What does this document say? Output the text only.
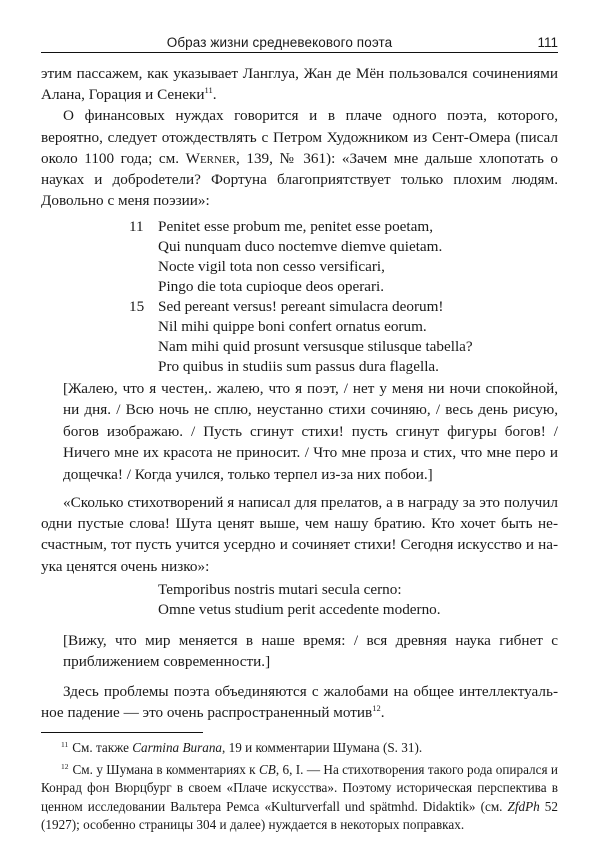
Образ жизни средневекового поэта	111

этим пассажем, как указывает Ланглуа, Жан де Мён пользовался сочинениями Алана, Горация и Сенеки$^{11}$.

О финансовых нуждах говорится и в плаче одного поэта, которого, вероятно, следует отождествлять с Петром Художником из Сент-Омера (писал около 1100 года; см. Werner, 139, № 361): «Зачем мне дальше хлопотать о науках и доброdетели? Фортуна благоприятствует только плохим людям. Довольно с меня поэзии»:

11 Penitet esse probum me, penitet esse poetam,
Qui nunquam duco noctemve diemve quietam.
Nocte vigil tota non cesso versificari,
Pingo die tota cupioque deos operari.
15 Sed pereant versus! pereant simulacra deorum!
Nil mihi quippe boni confert ornatus eorum.
Nam mihi quid prosunt versusque stilusque tabella?
Pro quibus in studiis sum passus dura flagella.
[Жалею, что я честен,. жалею, что я поэт, / нет у меня ни ночи спокойной, ни дня. / Всю ночь не сплю, неустанно стихи сочиняю, / весь день рисую, богов изображаю. / Пусть сгинут стихи! пусть сгинут фигуры богов! / Ничего мне их красота не приносит. / Что мне проза и стих, что мне перо и дощечка! / Когда учился, только терпел из-за них побои.]

«Сколько стихотворений я написал для прелатов, а в награду за это получил одни пустые слова! Шута ценят выше, чем нашу братию. Кто хочет быть несчастным, тот пусть учится усердно и сочиняет стихи! Сегодня искусство и наука ценятся очень низко»:

Temporibus nostris mutari secula cerno:
Omne vetus studium perit accedente moderno.
[Вижу, что мир меняется в наше время: / вся древняя наука гибнет с приближением современности.]

Здесь проблемы поэта объединяются с жалобами на общее интеллектуальное падение — это очень распространенный мотив$^{12}$.

$^{11}$ См. также Carmina Burana, 19 и комментарии Шумана (S. 31).

$^{12}$ См. у Шумана в комментариях к CB, 6, I. — На стихотворения такого рода опирался и Конрад фон Вюрцбург в своем «Плаче искусства». Поэтому историческая перспектива в ценном исследовании Вальтера Ремса «Kulturverfall und spätmhd. Didaktik» (см. ZfdPh 52 (1927); особенно страницы 304 и далее) нуждается в некоторых поправках.
